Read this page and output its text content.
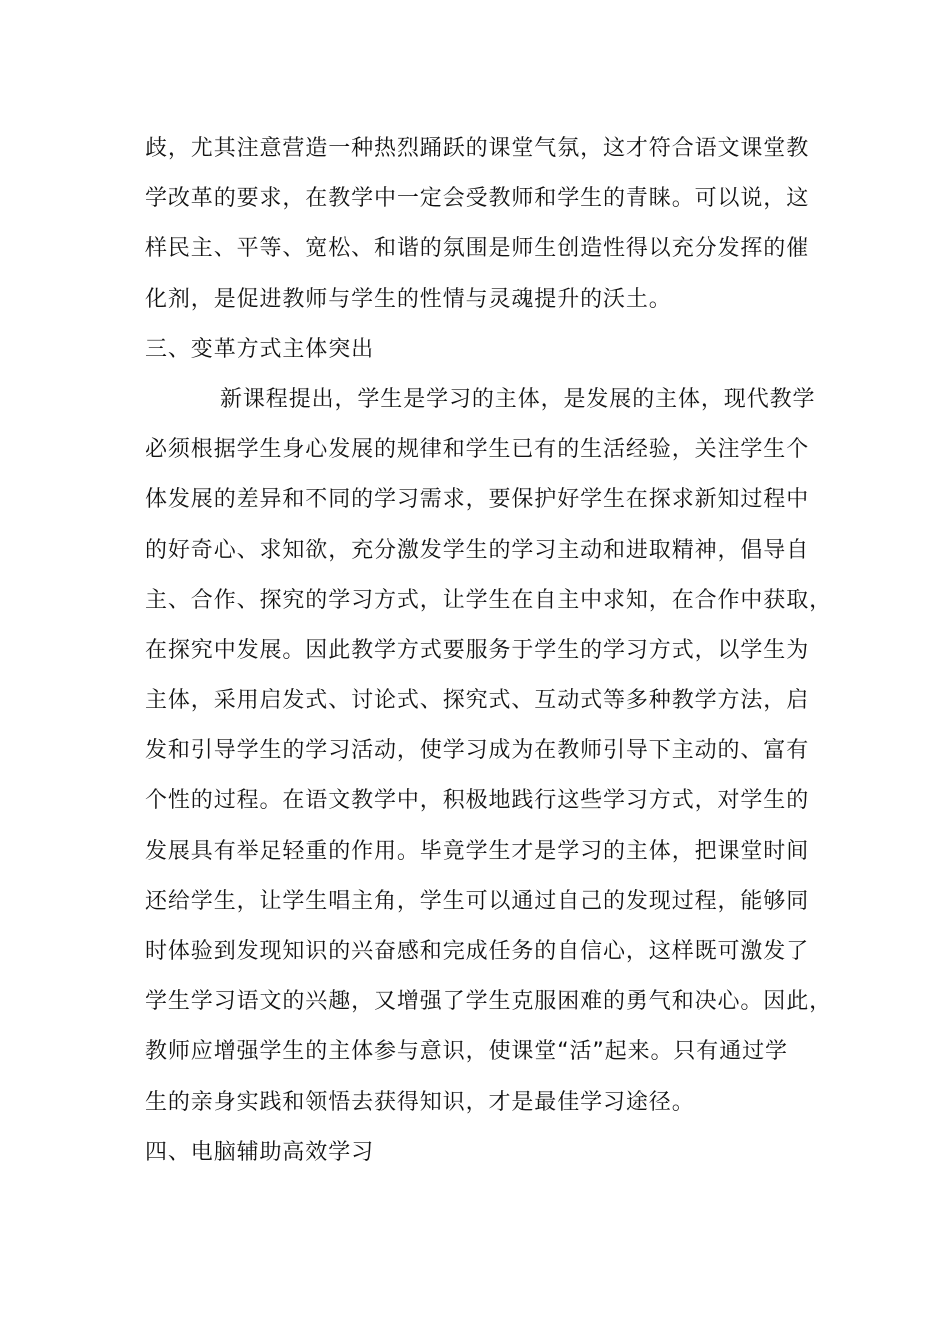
歧，尤其注意营造一种热烈踊跃的课堂气氛，这才符合语文课堂教
学改革的要求，在教学中一定会受教师和学生的青睐。可以说，这
样民主、平等、宽松、和谐的氛围是师生创造性得以充分发挥的催
化剂，是促进教师与学生的性情与灵魂提升的沃土。
三、变革方式主体突出
新课程提出，学生是学习的主体，是发展的主体，现代教学
必须根据学生身心发展的规律和学生已有的生活经验，关注学生个
体发展的差异和不同的学习需求，要保护好学生在探求新知过程中
的好奇心、求知欲，充分激发学生的学习主动和进取精神，倡导自
主、合作、探究的学习方式，让学生在自主中求知，在合作中获取，
在探究中发展。因此教学方式要服务于学生的学习方式，以学生为
主体，采用启发式、讨论式、探究式、互动式等多种教学方法，启
发和引导学生的学习活动，使学习成为在教师引导下主动的、富有
个性的过程。在语文教学中，积极地践行这些学习方式，对学生的
发展具有举足轻重的作用。毕竟学生才是学习的主体，把课堂时间
还给学生，让学生唱主角，学生可以通过自己的发现过程，能够同
时体验到发现知识的兴奋感和完成任务的自信心，这样既可激发了
学生学习语文的兴趣，又增强了学生克服困难的勇气和决心。因此，
教师应增强学生的主体参与意识，使课堂“活”起来。只有通过学
生的亲身实践和领悟去获得知识，才是最佳学习途径。
四、电脑辅助高效学习
